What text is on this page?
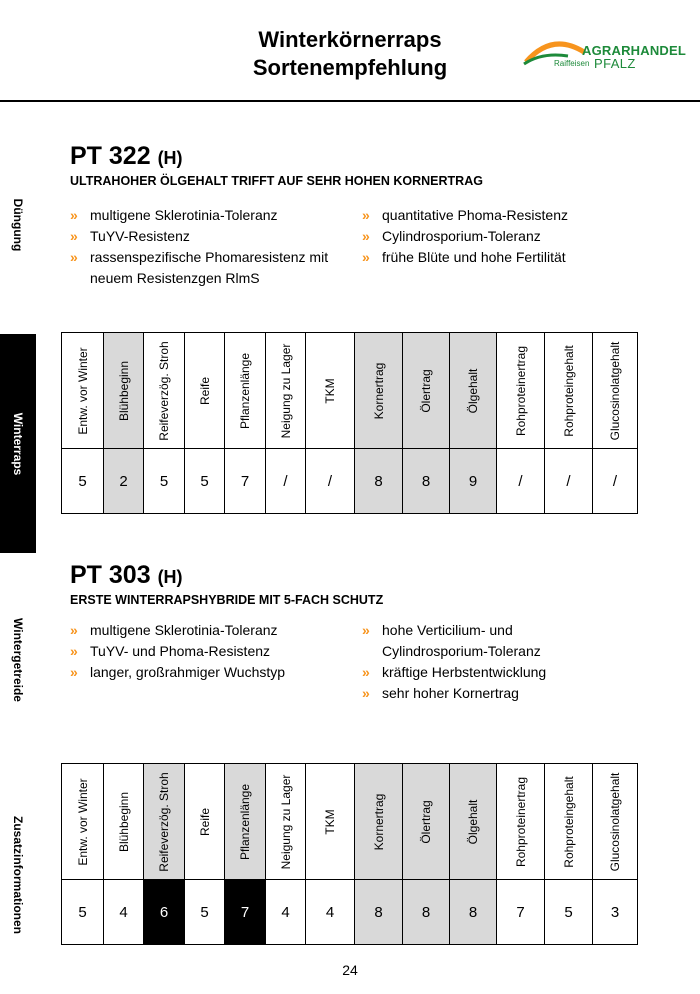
Winterkörnerraps
Sortenempfehlung
AGRARHANDEL
Raiffeisen PFALZ
Düngung
Winterraps
Wintergetreide
Zusatzinformationen
PT 322 (H)
ULTRAHOHER ÖLGEHALT TRIFFT AUF SEHR HOHEN KORNERTRAG
» multigene Sklerotinia-Toleranz
» TuYV-Resistenz
» rassenspezifische Phomaresistenz mit neuem Resistenzgen RlmS
» quantitative Phoma-Resistenz
» Cylindrosporium-Toleranz
» frühe Blüte und hohe Fertilität
Entw. vor Winter	Blühbeginn	Reifeverzög. Stroh	Reife	Pflanzenlänge	Neigung zu Lager	TKM	Kornertrag	Ölertrag	Ölgehalt	Rohproteinertrag	Rohproteingehalt	Glucosinolatgehalt

5	2	5	5	7	/	/	8	8	9	/	/	/
PT 303 (H)
ERSTE WINTERRAPSHYBRIDE MIT 5-FACH SCHUTZ
» multigene Sklerotinia-Toleranz
» TuYV- und Phoma-Resistenz
» langer, großrahmiger Wuchstyp
» hohe Verticilium- und Cylindrosporium-Toleranz
» kräftige Herbstentwicklung
» sehr hoher Kornertrag
Entw. vor Winter	Blühbeginn	Reifeverzög. Stroh	Reife	Pflanzenlänge	Neigung zu Lager	TKM	Kornertrag	Ölertrag	Ölgehalt	Rohproteinertrag	Rohproteingehalt	Glucosinolatgehalt

5	4	6	5	7	4	4	8	8	8	7	5	3
24
